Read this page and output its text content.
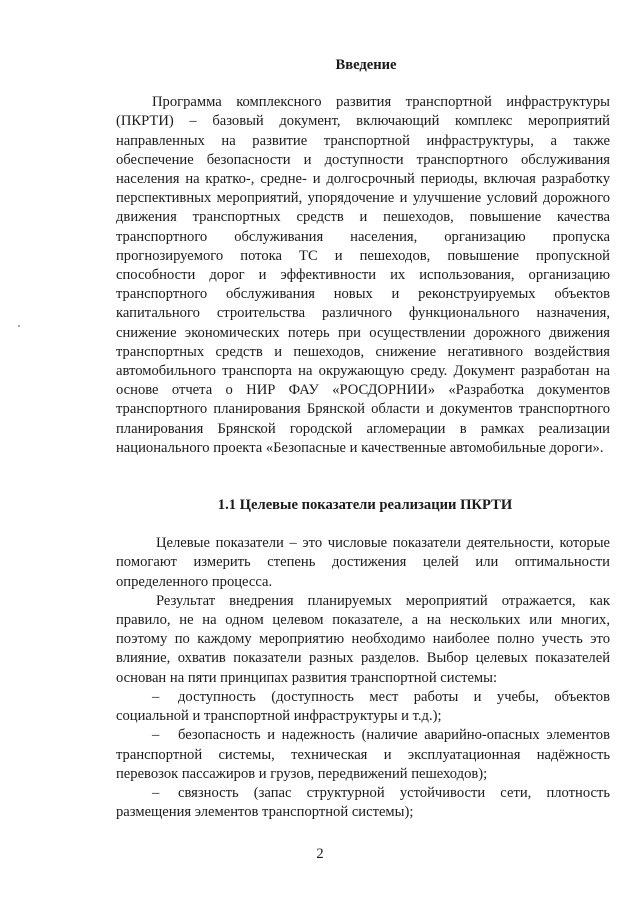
Введение

Программа комплексного развития транспортной инфраструктуры (ПКРТИ) – базовый документ, включающий комплекс мероприятий направленных на развитие транспортной инфраструктуры, а также обеспечение безопасности и доступности транспортного обслуживания населения на кратко-, средне- и долгосрочный периоды, включая разработку перспективных мероприятий, упорядочение и улучшение условий дорожного движения транспортных средств и пешеходов, повышение качества транспортного обслуживания населения, организацию пропуска прогнозируемого потока ТС и пешеходов, повышение пропускной способности дорог и эффективности их использования, организацию транспортного обслуживания новых и реконструируемых объектов капитального строительства различного функционального назначения, снижение экономических потерь при осуществлении дорожного движения транспортных средств и пешеходов, снижение негативного воздействия автомобильного транспорта на окружающую среду. Документ разработан на основе отчета о НИР ФАУ «РОСДОРНИИ» «Разработка документов транспортного планирования Брянской области и документов транспортного планирования Брянской городской агломерации в рамках реализации национального проекта «Безопасные и качественные автомобильные дороги».

1.1 Целевые показатели реализации ПКРТИ

Целевые показатели – это числовые показатели деятельности, которые помогают измерить степень достижения целей или оптимальности определенного процесса.

Результат внедрения планируемых мероприятий отражается, как правило, не на одном целевом показателе, а на нескольких или многих, поэтому по каждому мероприятию необходимо наиболее полно учесть это влияние, охватив показатели разных разделов. Выбор целевых показателей основан на пяти принципах развития транспортной системы:

– доступность (доступность мест работы и учебы, объектов социальной и транспортной инфраструктуры и т.д.);

– безопасность и надежность (наличие аварийно-опасных элементов транспортной системы, техническая и эксплуатационная надёжность перевозок пассажиров и грузов, передвижений пешеходов);

– связность (запас структурной устойчивости сети, плотность размещения элементов транспортной системы);

2
